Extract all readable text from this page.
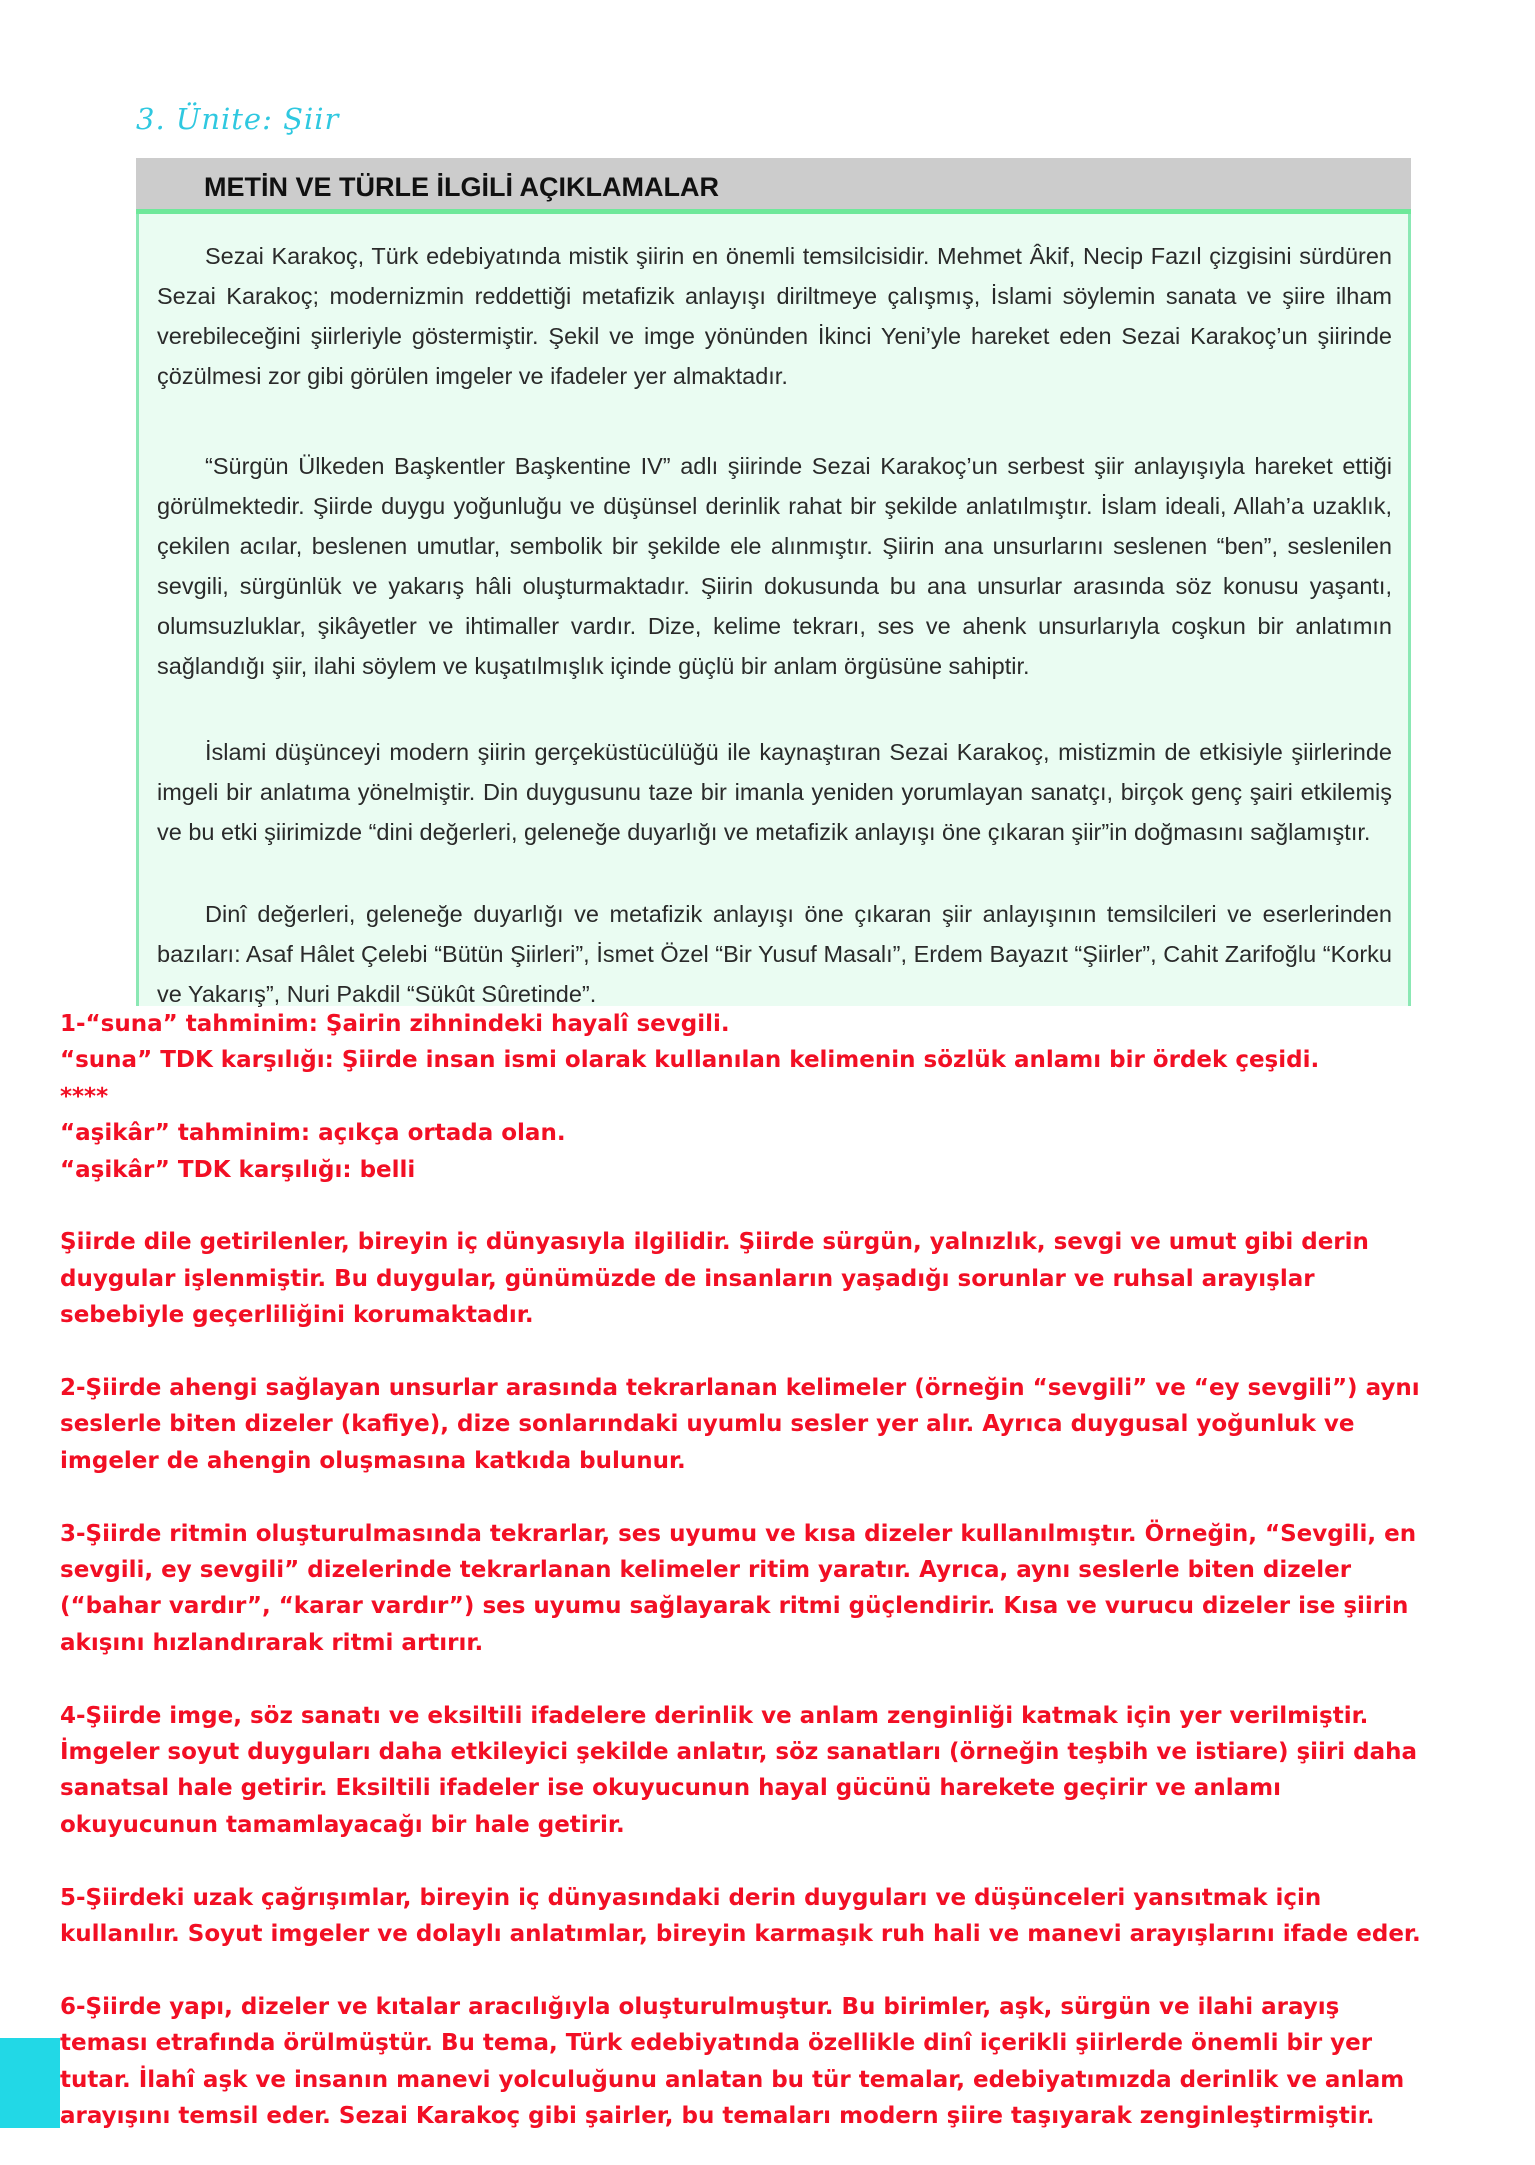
3. Ünite: Şiir
METİN VE TÜRLE İLGİLİ AÇIKLAMALAR

Sezai Karakoç, Türk edebiyatında mistik şiirin en önemli temsilcisidir. Mehmet Âkif, Necip Fazıl çizgisini sürdüren Sezai Karakoç; modernizmin reddettiği metafizik anlayışı diriltmeye çalışmış, İslami söylemin sanata ve şiire ilham verebileceğini şiirleriyle göstermiştir. Şekil ve imge yönünden İkinci Yeni’yle hareket eden Sezai Karakoç’un şiirinde çözülmesi zor gibi görülen imgeler ve ifadeler yer almaktadır.

“Sürgün Ülkeden Başkentler Başkentine IV” adlı şiirinde Sezai Karakoç’un serbest şiir anlayışıyla hareket ettiği görülmektedir. Şiirde duygu yoğunluğu ve düşünsel derinlik rahat bir şekilde anlatılmıştır. İslam ideali, Allah’a uzaklık, çekilen acılar, beslenen umutlar, sembolik bir şekilde ele alınmıştır. Şiirin ana unsurlarını seslenen “ben”, seslenilen sevgili, sürgünlük ve yakarış hâli oluşturmaktadır. Şiirin dokusunda bu ana unsurlar arasında söz konusu yaşantı, olumsuzluklar, şikâyetler ve ihtimaller vardır. Dize, kelime tekrarı, ses ve ahenk unsurlarıyla coşkun bir anlatımın sağlandığı şiir, ilahi söylem ve kuşatılmışlık içinde güçlü bir anlam örgüsüne sahiptir.

İslami düşünceyi modern şiirin gerçeküstücülüğü ile kaynaştıran Sezai Karakoç, mistizmin de etkisiyle şiirlerinde imgeli bir anlatıma yönelmiştir. Din duygusunu taze bir imanla yeniden yorumlayan sanatçı, birçok genç şairi etkilemiş ve bu etki şiirimizde “dini değerleri, geleneğe duyarlığı ve metafizik anlayışı öne çıkaran şiir”in doğmasını sağlamıştır.

Dinî değerleri, geleneğe duyarlığı ve metafizik anlayışı öne çıkaran şiir anlayışının temsilcileri ve eserlerinden bazıları: Asaf Hâlet Çelebi “Bütün Şiirleri”, İsmet Özel “Bir Yusuf Masalı”, Erdem Bayazıt “Şiirler”, Cahit Zarifoğlu “Korku ve Yakarış”, Nuri Pakdil “Sükût Sûretinde”.

1-“suna” tahminim: Şairin zihnindeki hayalî sevgili.
“suna” TDK karşılığı: Şiirde insan ismi olarak kullanılan kelimenin sözlük anlamı bir ördek çeşidi.
****
“aşikâr” tahminim: açıkça ortada olan.
“aşikâr” TDK karşılığı: belli
Şiirde dile getirilenler, bireyin iç dünyasıyla ilgilidir. Şiirde sürgün, yalnızlık, sevgi ve umut gibi derin
duygular işlenmiştir. Bu duygular, günümüzde de insanların yaşadığı sorunlar ve ruhsal arayışlar
sebebiyle geçerliliğini korumaktadır.
2-Şiirde ahengi sağlayan unsurlar arasında tekrarlanan kelimeler (örneğin “sevgili” ve “ey sevgili”) aynı
seslerle biten dizeler (kafiye), dize sonlarındaki uyumlu sesler yer alır. Ayrıca duygusal yoğunluk ve
imgeler de ahengin oluşmasına katkıda bulunur.
3-Şiirde ritmin oluşturulmasında tekrarlar, ses uyumu ve kısa dizeler kullanılmıştır. Örneğin, “Sevgili, en
sevgili, ey sevgili” dizelerinde tekrarlanan kelimeler ritim yaratır. Ayrıca, aynı seslerle biten dizeler
(“bahar vardır”, “karar vardır”) ses uyumu sağlayarak ritmi güçlendirir. Kısa ve vurucu dizeler ise şiirin
akışını hızlandırarak ritmi artırır.
4-Şiirde imge, söz sanatı ve eksiltili ifadelere derinlik ve anlam zenginliği katmak için yer verilmiştir.
İmgeler soyut duyguları daha etkileyici şekilde anlatır, söz sanatları (örneğin teşbih ve istiare) şiiri daha
sanatsal hale getirir. Eksiltili ifadeler ise okuyucunun hayal gücünü harekete geçirir ve anlamı
okuyucunun tamamlayacağı bir hale getirir.
5-Şiirdeki uzak çağrışımlar, bireyin iç dünyasındaki derin duyguları ve düşünceleri yansıtmak için
kullanılır. Soyut imgeler ve dolaylı anlatımlar, bireyin karmaşık ruh hali ve manevi arayışlarını ifade eder.
6-Şiirde yapı, dizeler ve kıtalar aracılığıyla oluşturulmuştur. Bu birimler, aşk, sürgün ve ilahi arayış
teması etrafında örülmüştür. Bu tema, Türk edebiyatında özellikle dinî içerikli şiirlerde önemli bir yer
tutar. İlahî aşk ve insanın manevi yolculuğunu anlatan bu tür temalar, edebiyatımızda derinlik ve anlam
arayışını temsil eder. Sezai Karakoç gibi şairler, bu temaları modern şiire taşıyarak zenginleştirmiştir.
